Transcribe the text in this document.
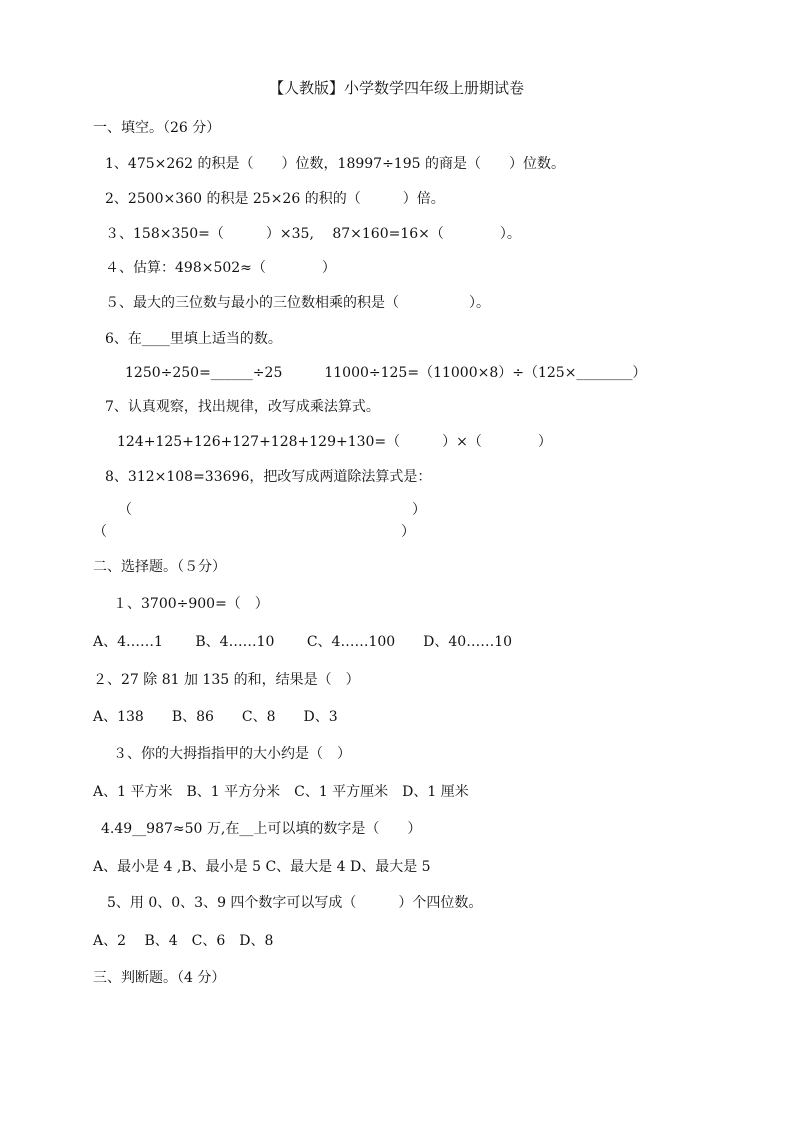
【人教版】小学数学四年级上册期试卷
一、填空。（26 分）
1、475×262 的积是（　　）位数，18997÷195 的商是（　　）位数。
2、2500×360 的积是 25×26 的积的（　　　）倍。
３、158×350=（　　　）×35,　 87×160=16×（　　　　）。
４、估算：498×502≈（　　　　）
５、最大的三位数与最小的三位数相乘的积是（　　　　　）。
6、在____里填上适当的数。
1250÷250=______÷25　　　11000÷125=（11000×8）÷（125×________）
7、认真观察，找出规律，改写成乘法算式。
124+125+126+127+128+129+130=（　　　）×（　　　　）
8、312×108=33696，把改写成两道除法算式是：
（　　　　　　　　　　　　　　　　　　　　）
（　　　　　　　　　　　　　　　　　　　　　）
二、选择题。（５分）
１、3700÷900=（　）
A、4……1　　 B、4……10　　 C、4……100　　D、40……10
２、27 除 81 加 135 的和，结果是（　）
A、138　　B、86　　C、8　　D、3
３、你的大拇指指甲的大小约是（　）
A、1 平方米　B、1 平方分米　C、1 平方厘米　D、1 厘米
4.49__987≈50 万,在__上可以填的数字是（　　）
A、最小是 4 ,B、最小是 5 C、最大是 4 D、最大是 5
5、用 0、0、3、9 四个数字可以写成（　　　）个四位数。
A、2　 B、4　C、6　D、8
三、判断题。（4 分）
